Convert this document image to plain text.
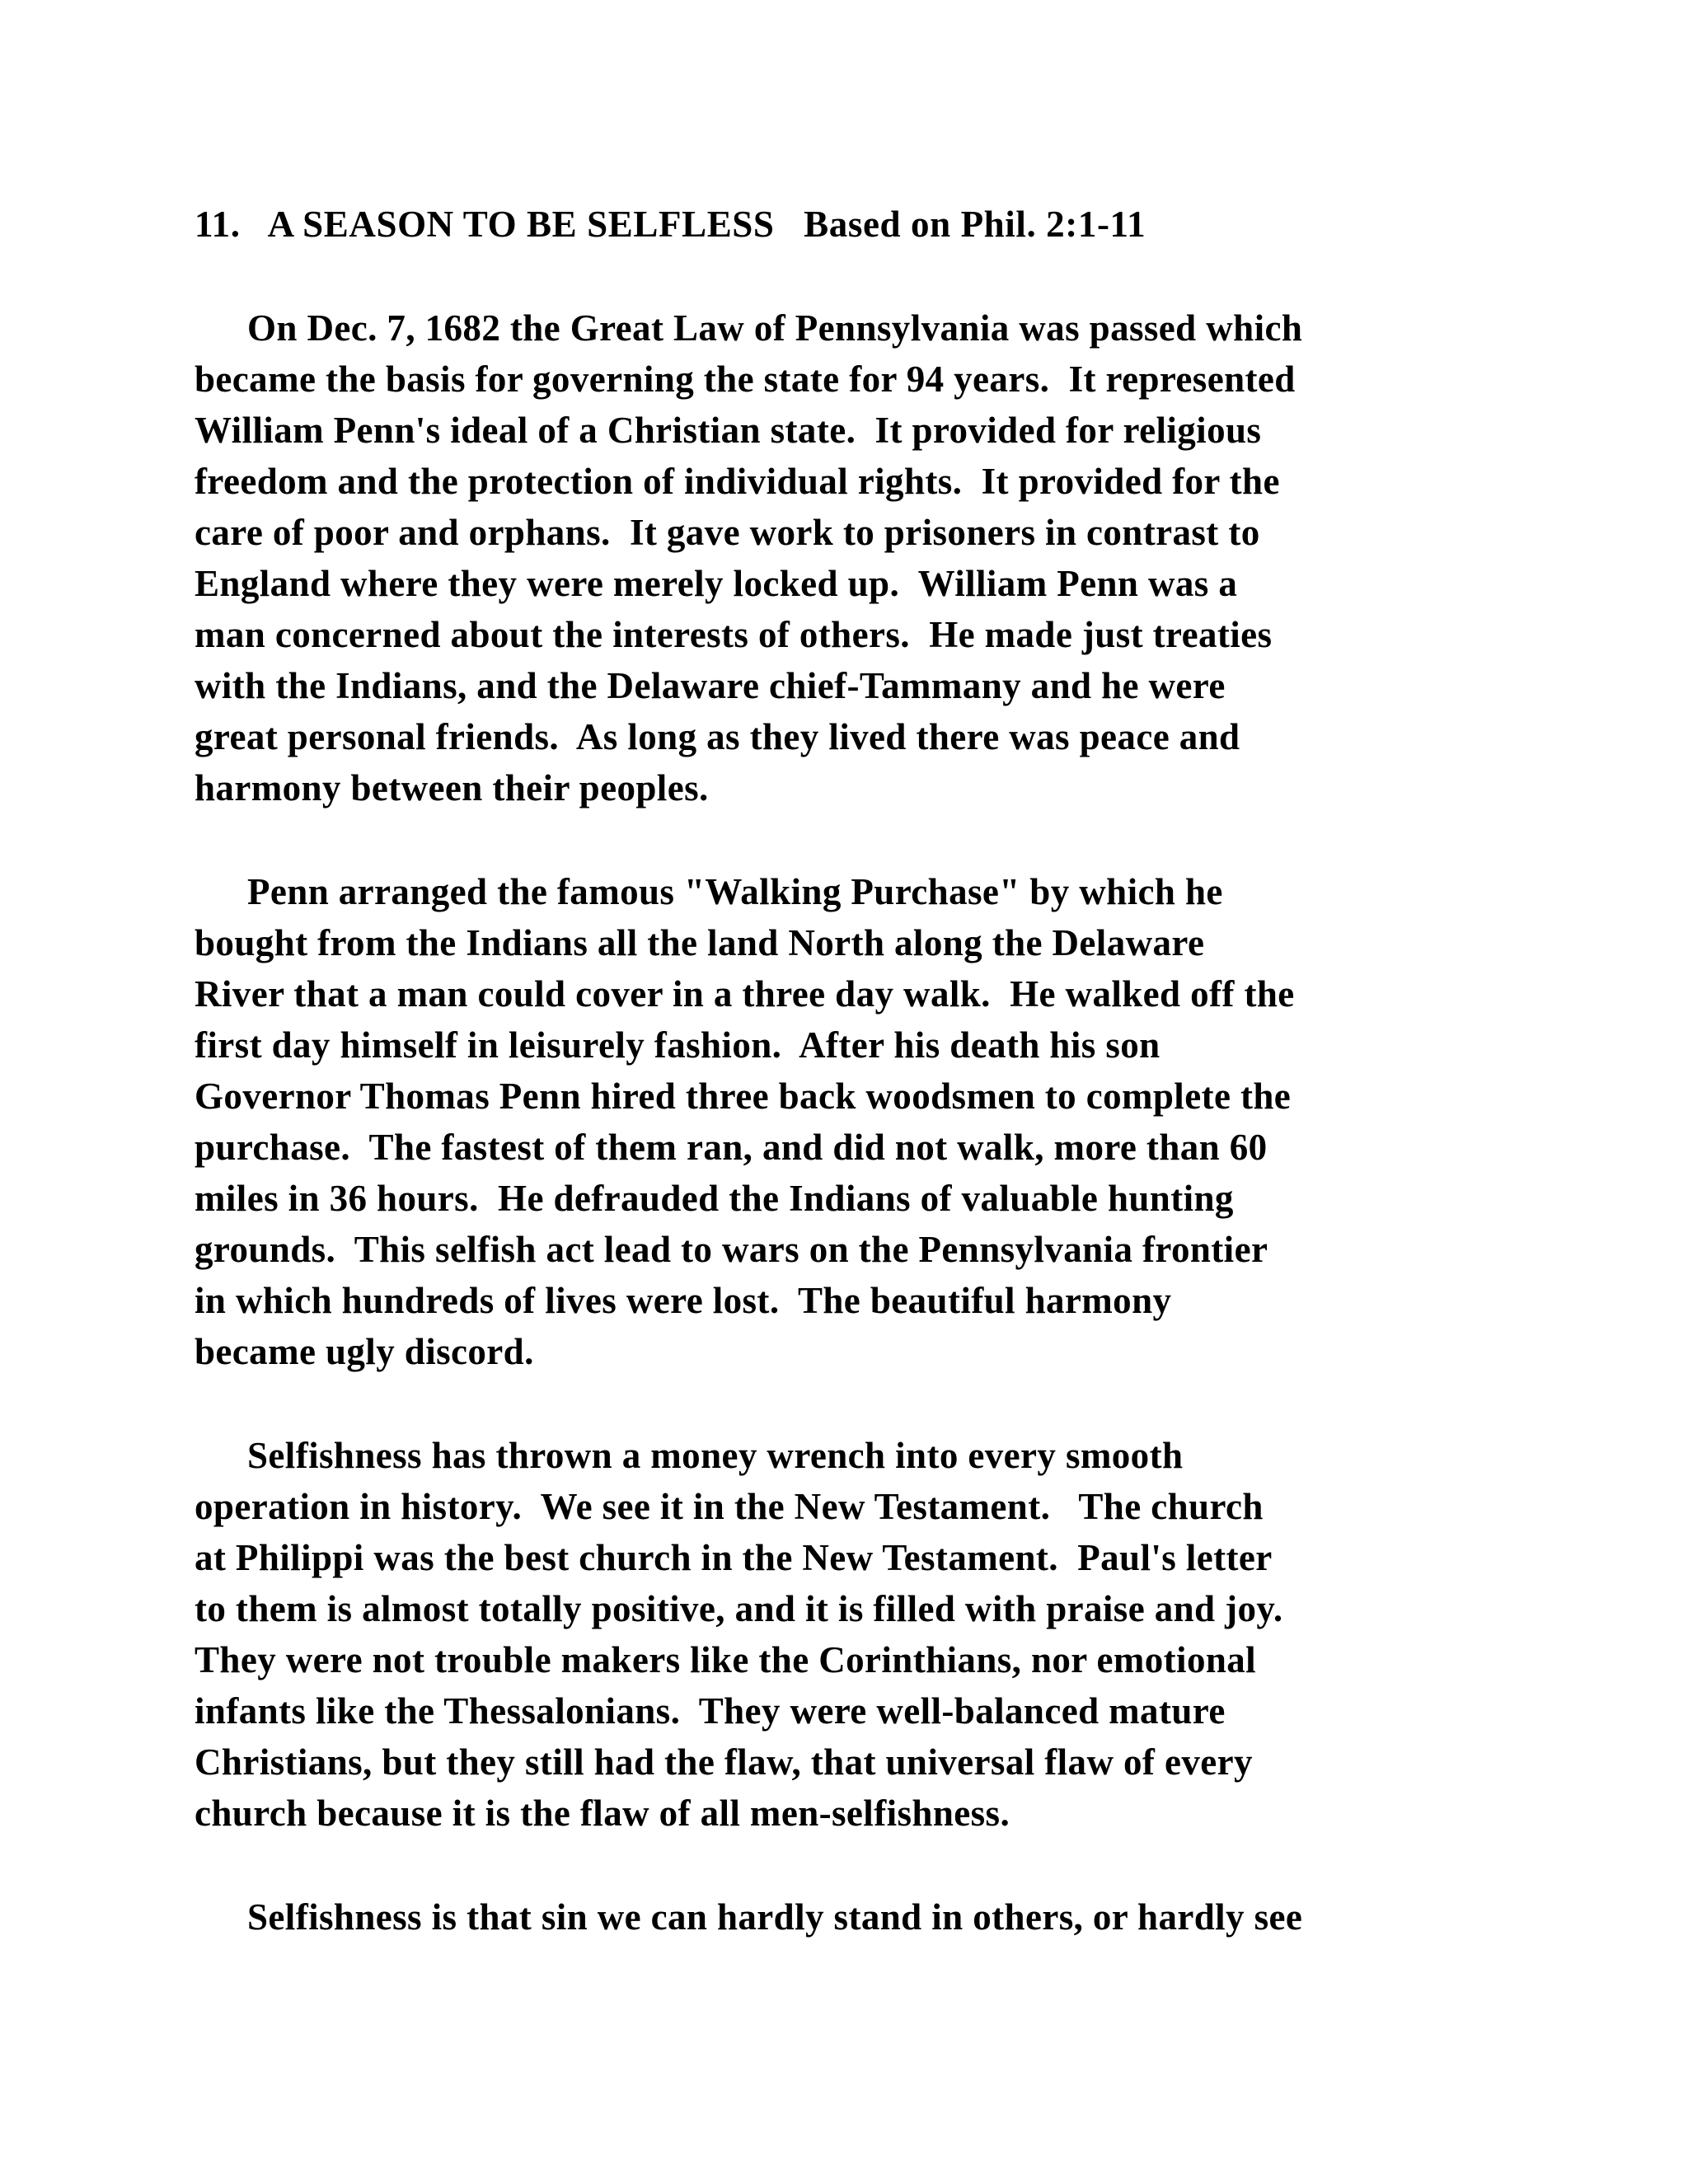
11.   A SEASON TO BE SELFLESS   Based on Phil. 2:1-11
On Dec. 7, 1682 the Great Law of Pennsylvania was passed which
became the basis for governing the state for 94 years.  It represented
William Penn's ideal of a Christian state.  It provided for religious
freedom and the protection of individual rights.  It provided for the
care of poor and orphans.  It gave work to prisoners in contrast to
England where they were merely locked up.  William Penn was a
man concerned about the interests of others.  He made just treaties
with the Indians, and the Delaware chief-Tammany and he were
great personal friends.  As long as they lived there was peace and
harmony between their peoples.
Penn arranged the famous "Walking Purchase" by which he
bought from the Indians all the land North along the Delaware
River that a man could cover in a three day walk.  He walked off the
first day himself in leisurely fashion.  After his death his son
Governor Thomas Penn hired three back woodsmen to complete the
purchase.  The fastest of them ran, and did not walk, more than 60
miles in 36 hours.  He defrauded the Indians of valuable hunting
grounds.  This selfish act lead to wars on the Pennsylvania frontier
in which hundreds of lives were lost.  The beautiful harmony
became ugly discord.
Selfishness has thrown a money wrench into every smooth
operation in history.  We see it in the New Testament.   The church
at Philippi was the best church in the New Testament.  Paul's letter
to them is almost totally positive, and it is filled with praise and joy.
They were not trouble makers like the Corinthians, nor emotional
infants like the Thessalonians.  They were well-balanced mature
Christians, but they still had the flaw, that universal flaw of every
church because it is the flaw of all men-selfishness.
Selfishness is that sin we can hardly stand in others, or hardly see
